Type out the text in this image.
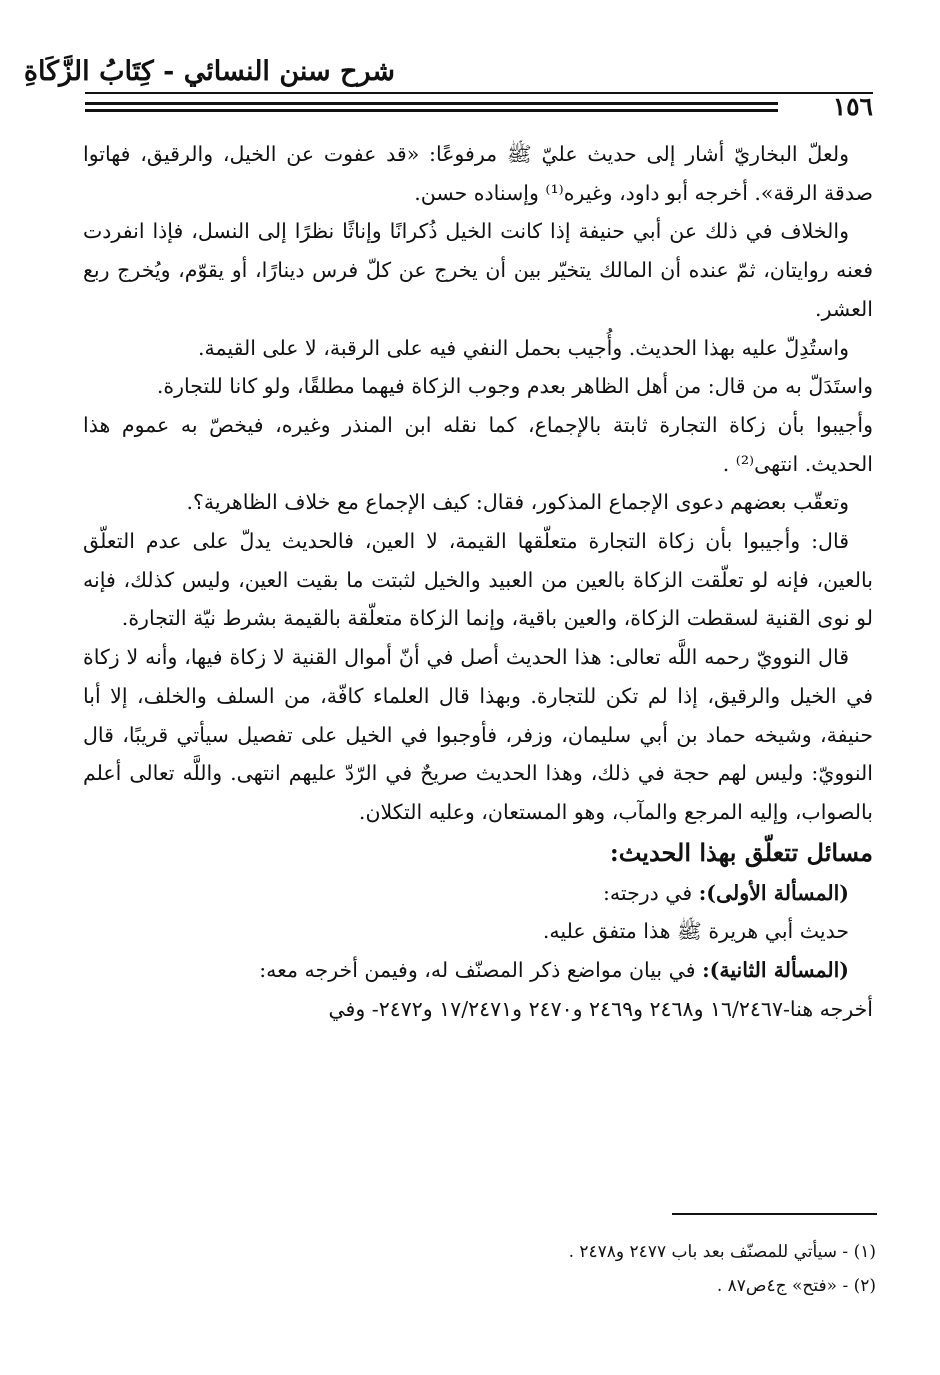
شرح سنن النسائي - كِتَابُ الزَّكَاةِ
١٥٦

ولعلّ البخاريّ أشار إلى حديث عليّ ﷺ مرفوعًا: «قد عفوت عن الخيل، والرقيق، فهاتوا صدقة الرقة». أخرجه أبو داود، وغيره⁽¹⁾ وإسناده حسن.

والخلاف في ذلك عن أبي حنيفة إذا كانت الخيل ذُكرانًا وإناثًا نظرًا إلى النسل، فإذا انفردت فعنه روايتان، ثمّ عنده أن المالك يتخيّر بين أن يخرج عن كلّ فرس دينارًا، أو يقوّم، ويُخرج ربع العشر.

واستُدِلّ عليه بهذا الحديث. وأُجيب بحمل النفي فيه على الرقبة، لا على القيمة.

واستَدَلّ به من قال: من أهل الظاهر بعدم وجوب الزكاة فيهما مطلقًا، ولو كانا للتجارة.

وأجيبوا بأن زكاة التجارة ثابتة بالإجماع، كما نقله ابن المنذر وغيره، فيخصّ به عموم هذا الحديث. انتهى⁽²⁾ .

وتعقّب بعضهم دعوى الإجماع المذكور، فقال: كيف الإجماع مع خلاف الظاهرية؟.

قال: وأجيبوا بأن زكاة التجارة متعلّقها القيمة، لا العين، فالحديث يدلّ على عدم التعلّق بالعين، فإنه لو تعلّقت الزكاة بالعين من العبيد والخيل لثبتت ما بقيت العين، وليس كذلك، فإنه لو نوى القنية لسقطت الزكاة، والعين باقية، وإنما الزكاة متعلّقة بالقيمة بشرط نيّة التجارة.

قال النوويّ رحمه اللَّه تعالى: هذا الحديث أصل في أنّ أموال القنية لا زكاة فيها، وأنه لا زكاة في الخيل والرقيق، إذا لم تكن للتجارة. وبهذا قال العلماء كافّة، من السلف والخلف، إلا أبا حنيفة، وشيخه حماد بن أبي سليمان، وزفر، فأوجبوا في الخيل على تفصيل سيأتي قريبًا، قال النوويّ: وليس لهم حجة في ذلك، وهذا الحديث صريحٌ في الرّدّ عليهم انتهى. واللَّه تعالى أعلم بالصواب، وإليه المرجع والمآب، وهو المستعان، وعليه التكلان.

مسائل تتعلّق بهذا الحديث:

(المسألة الأولى): في درجته:

حديث أبي هريرة ﷺ هذا متفق عليه.

(المسألة الثانية): في بيان مواضع ذكر المصنّف له، وفيمن أخرجه معه:

أخرجه هنا-١٦/٢٤٦٧ و٢٤٦٨ و٢٤٦٩ و٢٤٧٠ و١٧/٢٤٧١ و٢٤٧٢- وفي

(١) - سيأتي للمصنّف بعد باب ٢٤٧٧ و٢٤٧٨ .
(٢) - «فتح» ج٤ص٨٧ .
